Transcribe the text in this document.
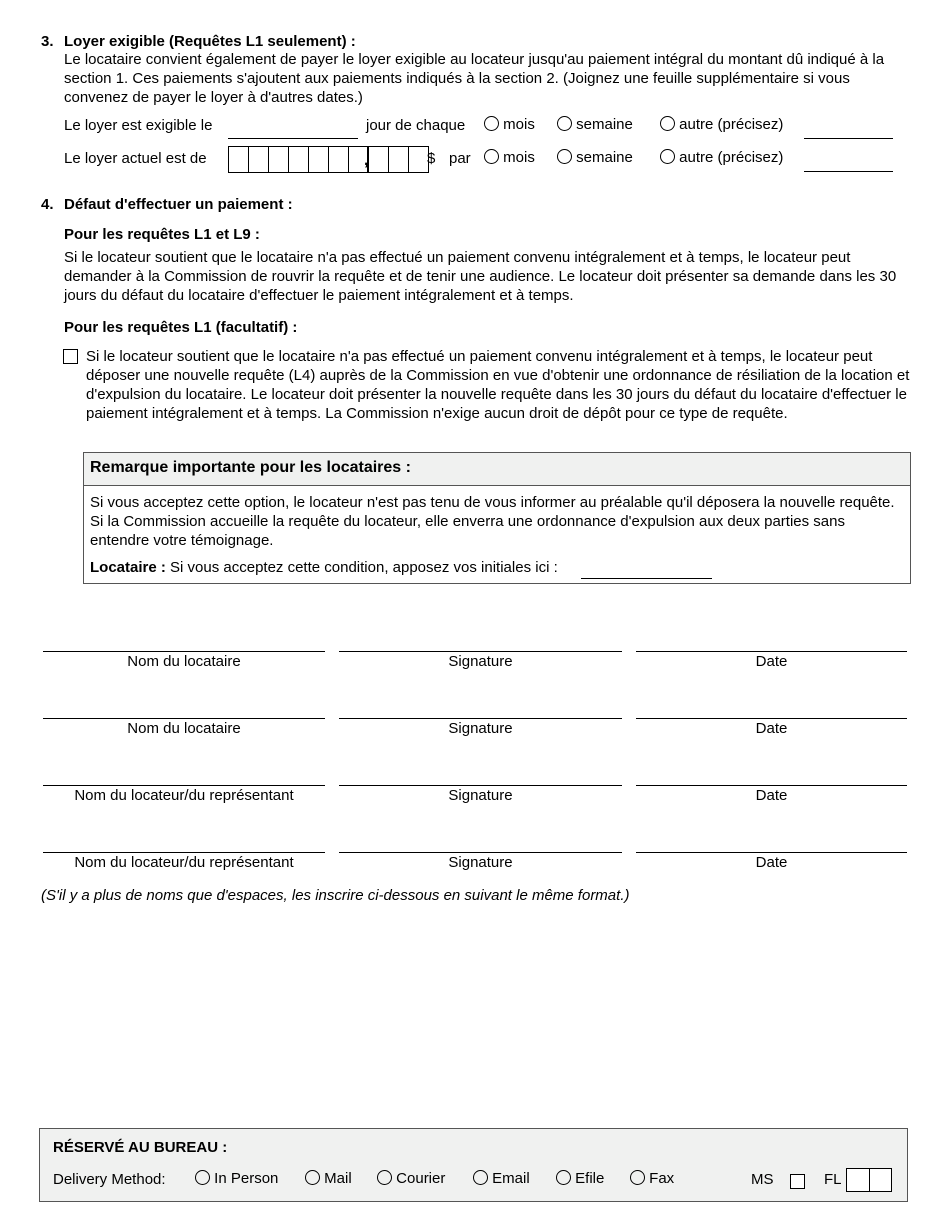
3. Loyer exigible (Requêtes L1 seulement) :

Le locataire convient également de payer le loyer exigible au locateur jusqu'au paiement intégral du montant dû indiqué à la section 1. Ces paiements s'ajoutent aux paiements indiqués à la section 2. (Joignez une feuille supplémentaire si vous convenez de payer le loyer à d'autres dates.)

Le loyer est exigible le	jour de chaque	mois	semaine	autre (précisez)
Le loyer actuel est de	,	$ par	mois	semaine	autre (précisez)
4. Défaut d'effectuer un paiement :
Pour les requêtes L1 et L9 :

Si le locateur soutient que le locataire n'a pas effectué un paiement convenu intégralement et à temps, le locateur peut demander à la Commission de rouvrir la requête et de tenir une audience. Le locateur doit présenter sa demande dans les 30 jours du défaut du locataire d'effectuer le paiement intégralement et à temps.

Pour les requêtes L1 (facultatif) :

Si le locateur soutient que le locataire n'a pas effectué un paiement convenu intégralement et à temps, le locateur peut déposer une nouvelle requête (L4) auprès de la Commission en vue d'obtenir une ordonnance de résiliation de la location et d'expulsion du locataire. Le locateur doit présenter la nouvelle requête dans les 30 jours du défaut du locataire d'effectuer le paiement intégralement et à temps. La Commission n'exige aucun droit de dépôt pour ce type de requête.

Remarque importante pour les locataires :

Si vous acceptez cette option, le locateur n'est pas tenu de vous informer au préalable qu'il déposera la nouvelle requête. Si la Commission accueille la requête du locateur, elle enverra une ordonnance d'expulsion aux deux parties sans entendre votre témoignage.

Locataire : Si vous acceptez cette condition, apposez vos initiales ici :
Nom du locataire	Signature	Date
Nom du locataire	Signature	Date
Nom du locateur/du représentant	Signature	Date
Nom du locateur/du représentant	Signature	Date
(S'il y a plus de noms que d'espaces, les inscrire ci-dessous en suivant le même format.)
RÉSERVÉ AU BUREAU :
Delivery Method:	In Person	Mail	Courier	Email	Efile	Fax	MS	FL
